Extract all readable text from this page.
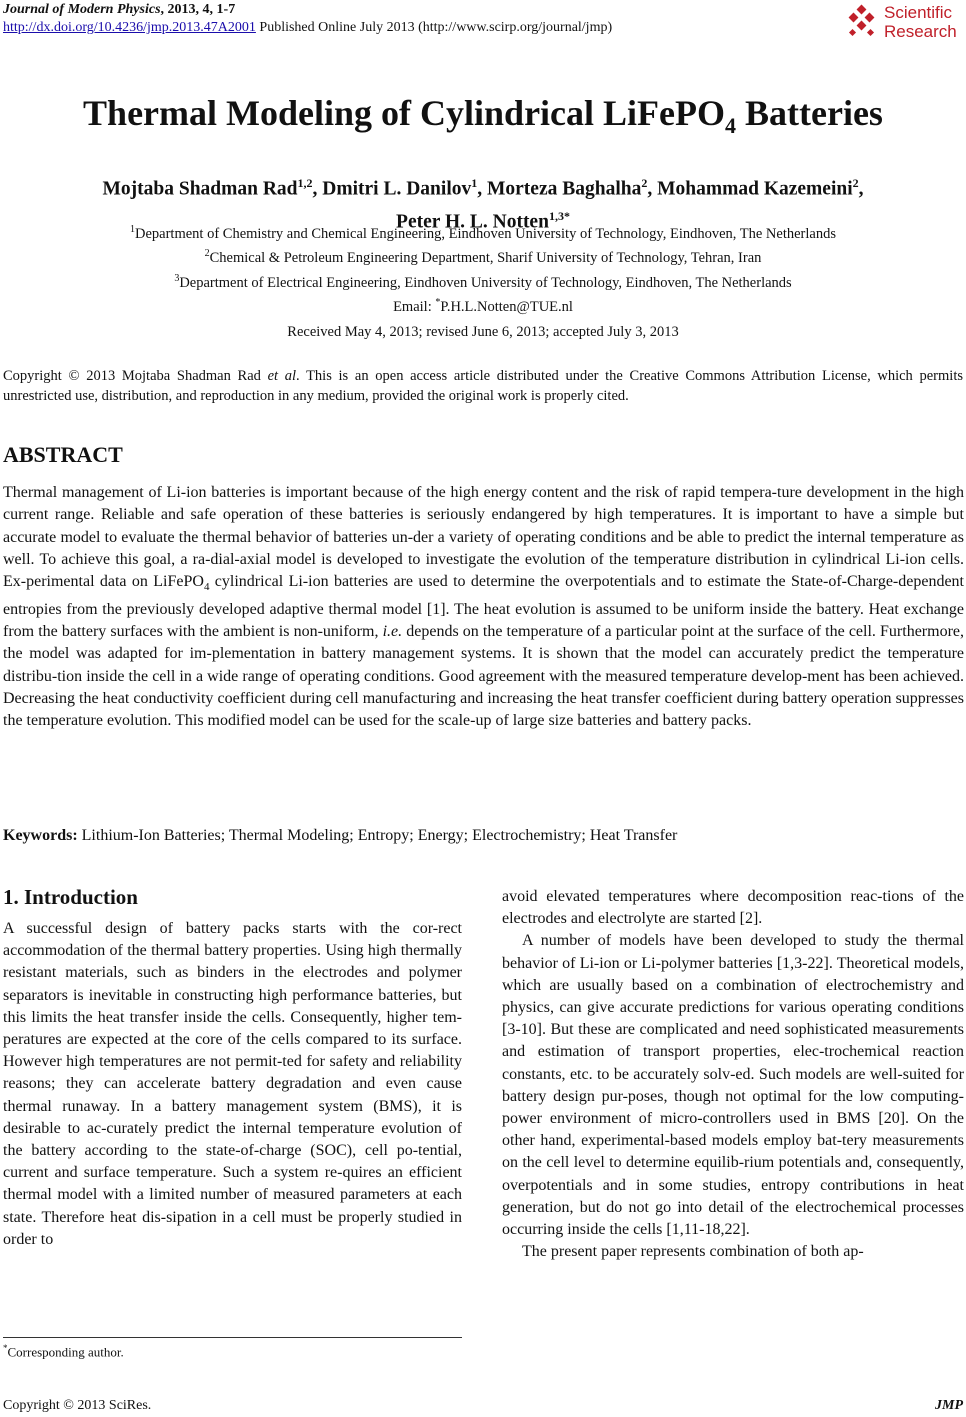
Journal of Modern Physics, 2013, 4, 1-7
http://dx.doi.org/10.4236/jmp.2013.47A2001 Published Online July 2013 (http://www.scirp.org/journal/jmp)
Scientific
Research
Thermal Modeling of Cylindrical LiFePO$_4$ Batteries
Mojtaba Shadman Rad$^{1,2}$, Dmitri L. Danilov$^1$, Morteza Baghalha$^2$, Mohammad Kazemeini$^2$,
Peter H. L. Notten$^{1,3*}$
$^1$Department of Chemistry and Chemical Engineering, Eindhoven University of Technology, Eindhoven, The Netherlands
$^2$Chemical & Petroleum Engineering Department, Sharif University of Technology, Tehran, Iran
$^3$Department of Electrical Engineering, Eindhoven University of Technology, Eindhoven, The Netherlands
Email: *P.H.L.Notten@TUE.nl
Received May 4, 2013; revised June 6, 2013; accepted July 3, 2013
Copyright © 2013 Mojtaba Shadman Rad et al. This is an open access article distributed under the Creative Commons Attribution License, which permits unrestricted use, distribution, and reproduction in any medium, provided the original work is properly cited.
ABSTRACT
Thermal management of Li-ion batteries is important because of the high energy content and the risk of rapid tempera-ture development in the high current range. Reliable and safe operation of these batteries is seriously endangered by high temperatures. It is important to have a simple but accurate model to evaluate the thermal behavior of batteries un-der a variety of operating conditions and be able to predict the internal temperature as well. To achieve this goal, a ra-dial-axial model is developed to investigate the evolution of the temperature distribution in cylindrical Li-ion cells. Ex-perimental data on LiFePO$_4$ cylindrical Li-ion batteries are used to determine the overpotentials and to estimate the State-of-Charge-dependent entropies from the previously developed adaptive thermal model [1]. The heat evolution is assumed to be uniform inside the battery. Heat exchange from the battery surfaces with the ambient is non-uniform, i.e. depends on the temperature of a particular point at the surface of the cell. Furthermore, the model was adapted for im-plementation in battery management systems. It is shown that the model can accurately predict the temperature distribu-tion inside the cell in a wide range of operating conditions. Good agreement with the measured temperature develop-ment has been achieved. Decreasing the heat conductivity coefficient during cell manufacturing and increasing the heat transfer coefficient during battery operation suppresses the temperature evolution. This modified model can be used for the scale-up of large size batteries and battery packs.
Keywords: Lithium-Ion Batteries; Thermal Modeling; Entropy; Energy; Electrochemistry; Heat Transfer
1. Introduction

A successful design of battery packs starts with the cor-rect accommodation of the thermal battery properties. Using high thermally resistant materials, such as binders in the electrodes and polymer separators is inevitable in constructing high performance batteries, but this limits the heat transfer inside the cells. Consequently, higher tem-peratures are expected at the core of the cells compared to its surface. However high temperatures are not permit-ted for safety and reliability reasons; they can accelerate battery degradation and even cause thermal runaway. In a battery management system (BMS), it is desirable to ac-curately predict the internal temperature evolution of the battery according to the state-of-charge (SOC), cell po-tential, current and surface temperature. Such a system re-quires an efficient thermal model with a limited number of measured parameters at each state. Therefore heat dis-sipation in a cell must be properly studied in order to

avoid elevated temperatures where decomposition reac-tions of the electrodes and electrolyte are started [2].

A number of models have been developed to study the thermal behavior of Li-ion or Li-polymer batteries [1,3-22]. Theoretical models, which are usually based on a combination of electrochemistry and physics, can give accurate predictions for various operating conditions [3-10]. But these are complicated and need sophisticated measurements and estimation of transport properties, elec-trochemical reaction constants, etc. to be accurately solv-ed. Such models are well-suited for battery design pur-poses, though not optimal for the low computing-power environment of micro-controllers used in BMS [20]. On the other hand, experimental-based models employ bat-tery measurements on the cell level to determine equilib-rium potentials and, consequently, overpotentials and in some studies, entropy contributions in heat generation, but do not go into detail of the electrochemical processes occurring inside the cells [1,11-18,22].

The present paper represents combination of both ap-

*Corresponding author.
Copyright © 2013 SciRes.	JMP
